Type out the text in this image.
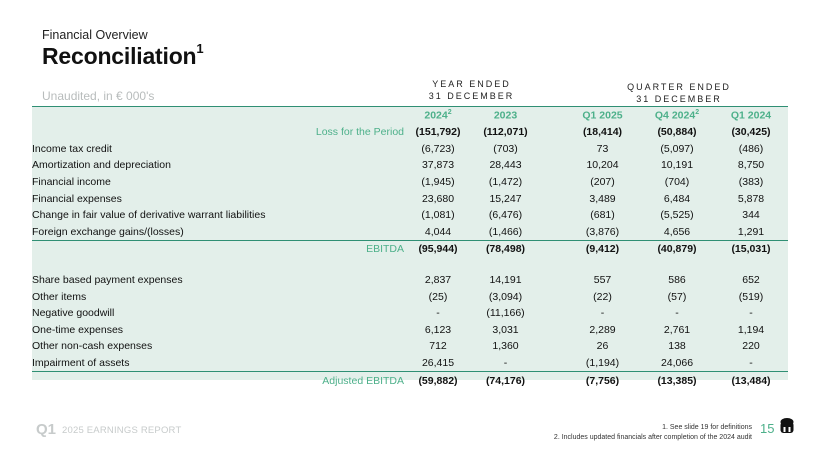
Financial Overview
Reconciliation$^1$
Unaudited, in € 000's
YEAR ENDED
31 DECEMBER
QUARTER ENDED
31 DECEMBER
	2024$^2$	2023		Q1 2025	Q4 2024$^2$	Q1 2024
Loss for the Period	(151,792)	(112,071)		(18,414)	(50,884)	(30,425)
Income tax credit	(6,723)	(703)		73	(5,097)	(486)
Amortization and depreciation	37,873	28,443		10,204	10,191	8,750
Financial income	(1,945)	(1,472)		(207)	(704)	(383)
Financial expenses	23,680	15,247		3,489	6,484	5,878
Change in fair value of derivative warrant liabilities	(1,081)	(6,476)		(681)	(5,525)	344
Foreign exchange gains/(losses)	4,044	(1,466)		(3,876)	4,656	1,291
EBITDA	(95,944)	(78,498)		(9,412)	(40,879)	(15,031)

Share based payment expenses	2,837	14,191		557	586	652
Other items	(25)	(3,094)		(22)	(57)	(519)
Negative goodwill	-	(11,166)		-	-	-
One-time expenses	6,123	3,031		2,289	2,761	1,194
Other non-cash expenses	712	1,360		26	138	220
Impairment of assets	26,415	-		(1,194)	24,066	-
Adjusted EBITDA	(59,882)	(74,176)		(7,756)	(13,385)	(13,484)
Q1 2025 EARNINGS REPORT	1. See slide 19 for definitions
2. Includes updated financials after completion of the 2024 audit
15
